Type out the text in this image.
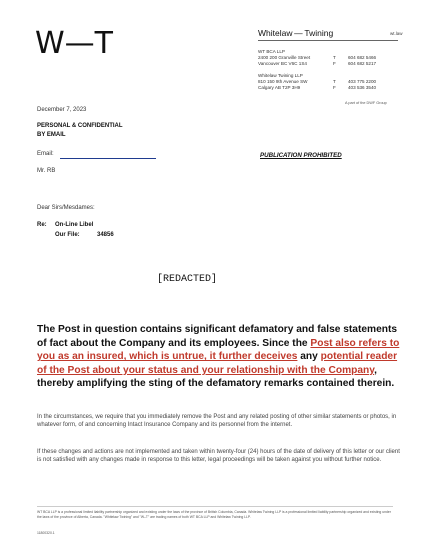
W—T	Whitelaw — Twining	wt.law
WT BCA LLP
2400 200 Granville Street	T	604 682 5466
Vancouver BC V6C 1S4	F	604 682 5217
Whitelaw Twining LLP
810 150 9th Avenue SW	T	403 775 2200
Calgary AB T2P 3H9	F	403 536 3540
A part of the DWF Group
December 7, 2023
PERSONAL & CONFIDENTIAL
BY EMAIL
Email:	PUBLICATION PROHIBITED
Mr. RB
Dear Sirs/Mesdames:
Re: On-Line Libel
Our File:	34856
[REDACTED]
The Post in question contains significant defamatory and false statements of fact about the Company and its employees. Since the Post also refers to you as an insured, which is untrue, it further deceives any potential reader of the Post about your status and your relationship with the Company, thereby amplifying the sting of the defamatory remarks contained therein.
In the circumstances, we require that you immediately remove the Post and any related posting of other similar statements or photos, in whatever form, of and concerning Intact Insurance Company and its personnel from the internet.
If these changes and actions are not implemented and taken within twenty-four (24) hours of the date of delivery of this letter or our client is not satisfied with any changes made in response to this letter, legal proceedings will be taken against you without further notice.
WT BCA LLP is a professional limited liability partnership organized and existing under the laws of the province of British Columbia, Canada. Whitelaw Twining LLP is a professional limited liability partnership organized and existing under the laws of the province of Alberta, Canada. "Whitelaw Twining" and "W–T" are trading names of both WT BCA LLP and Whitelaw Twining LLP.
11800320.1
